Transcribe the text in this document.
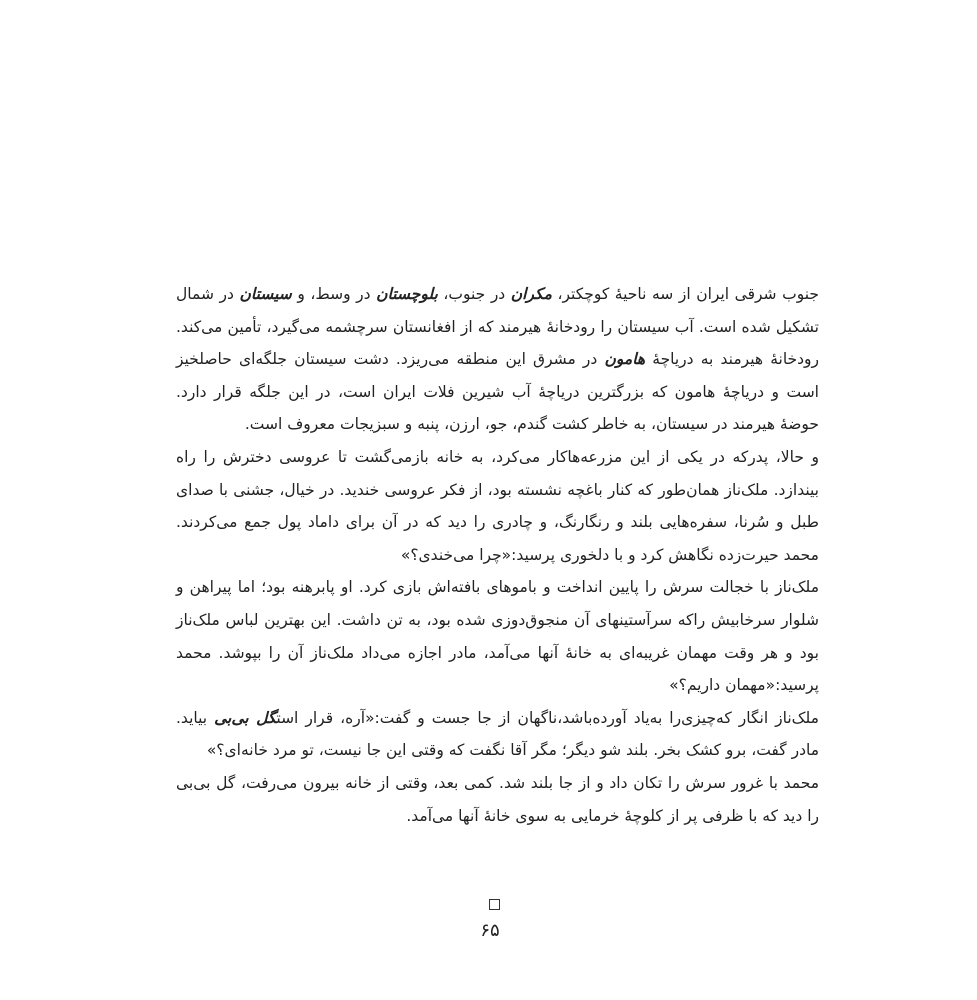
جنوب شرقی ایران از سه ناحیهٔ کوچکتر، مکران در جنوب، بلوچستان در وسط، و سیستان در شمال تشکیل شده است. آب سیستان را رودخانهٔ هیرمند که از افغانستان سرچشمه می‌گیرد، تأمین می‌کند. رودخانهٔ هیرمند به دریاچهٔ هامون در مشرق این منطقه می‌ریزد. دشت سیستان جلگه‌ای حاصلخیز است و دریاچهٔ هامون که بزرگترین دریاچهٔ آب شیرین فلات ایران است، در این جلگه قرار دارد. حوضهٔ هیرمند در سیستان، به خاطر کشت گندم، جو، ارزن، پنبه و سبزیجات معروف است.

و حالا، پدرکه در یکی از این مزرعه‌هاکار می‌کرد، به خانه بازمی‌گشت تا عروسی دخترش را راه بیندازد. ملک‌ناز همان‌طور که کنار باغچه نشسته بود، از فکر عروسی خندید. در خیال، جشنی با صدای طبل و سُرنا، سفره‌هایی بلند و رنگارنگ، و چادری را دید که در آن برای داماد پول جمع می‌کردند. محمد حیرت‌زده نگاهش کرد و با دلخوری پرسید:«چرا می‌خندی؟»

ملک‌ناز با خجالت سرش را پایین انداخت و باموهای بافته‌اش بازی کرد. او پابرهنه بود؛ اما پیراهن و شلوار سرخابیش راکه سرآستینهای آن منجوق‌دوزی شده بود، به تن داشت. این بهترین لباس ملک‌ناز بود و هر وقت مهمان غریبه‌ای به خانهٔ آنها می‌آمد، مادر اجازه می‌داد ملک‌ناز آن را بپوشد. محمد پرسید:«مهمان داریم؟»

ملک‌ناز انگار که‌چیزی‌را به‌یاد آورده‌باشد،ناگهان از جا جست و گفت:«آره، قرار استگل بی‌بی بیاید. مادر گفت، برو کشک بخر. بلند شو دیگر؛ مگر آقا نگفت که وقتی این جا نیست، تو مرد خانه‌ای؟»

محمد با غرور سرش را تکان داد و از جا بلند شد. کمی بعد، وقتی از خانه بیرون می‌رفت، گل بی‌بی را دید که با ظرفی پر از کلوچهٔ خرمایی به سوی خانهٔ آنها می‌آمد.

۶۵
